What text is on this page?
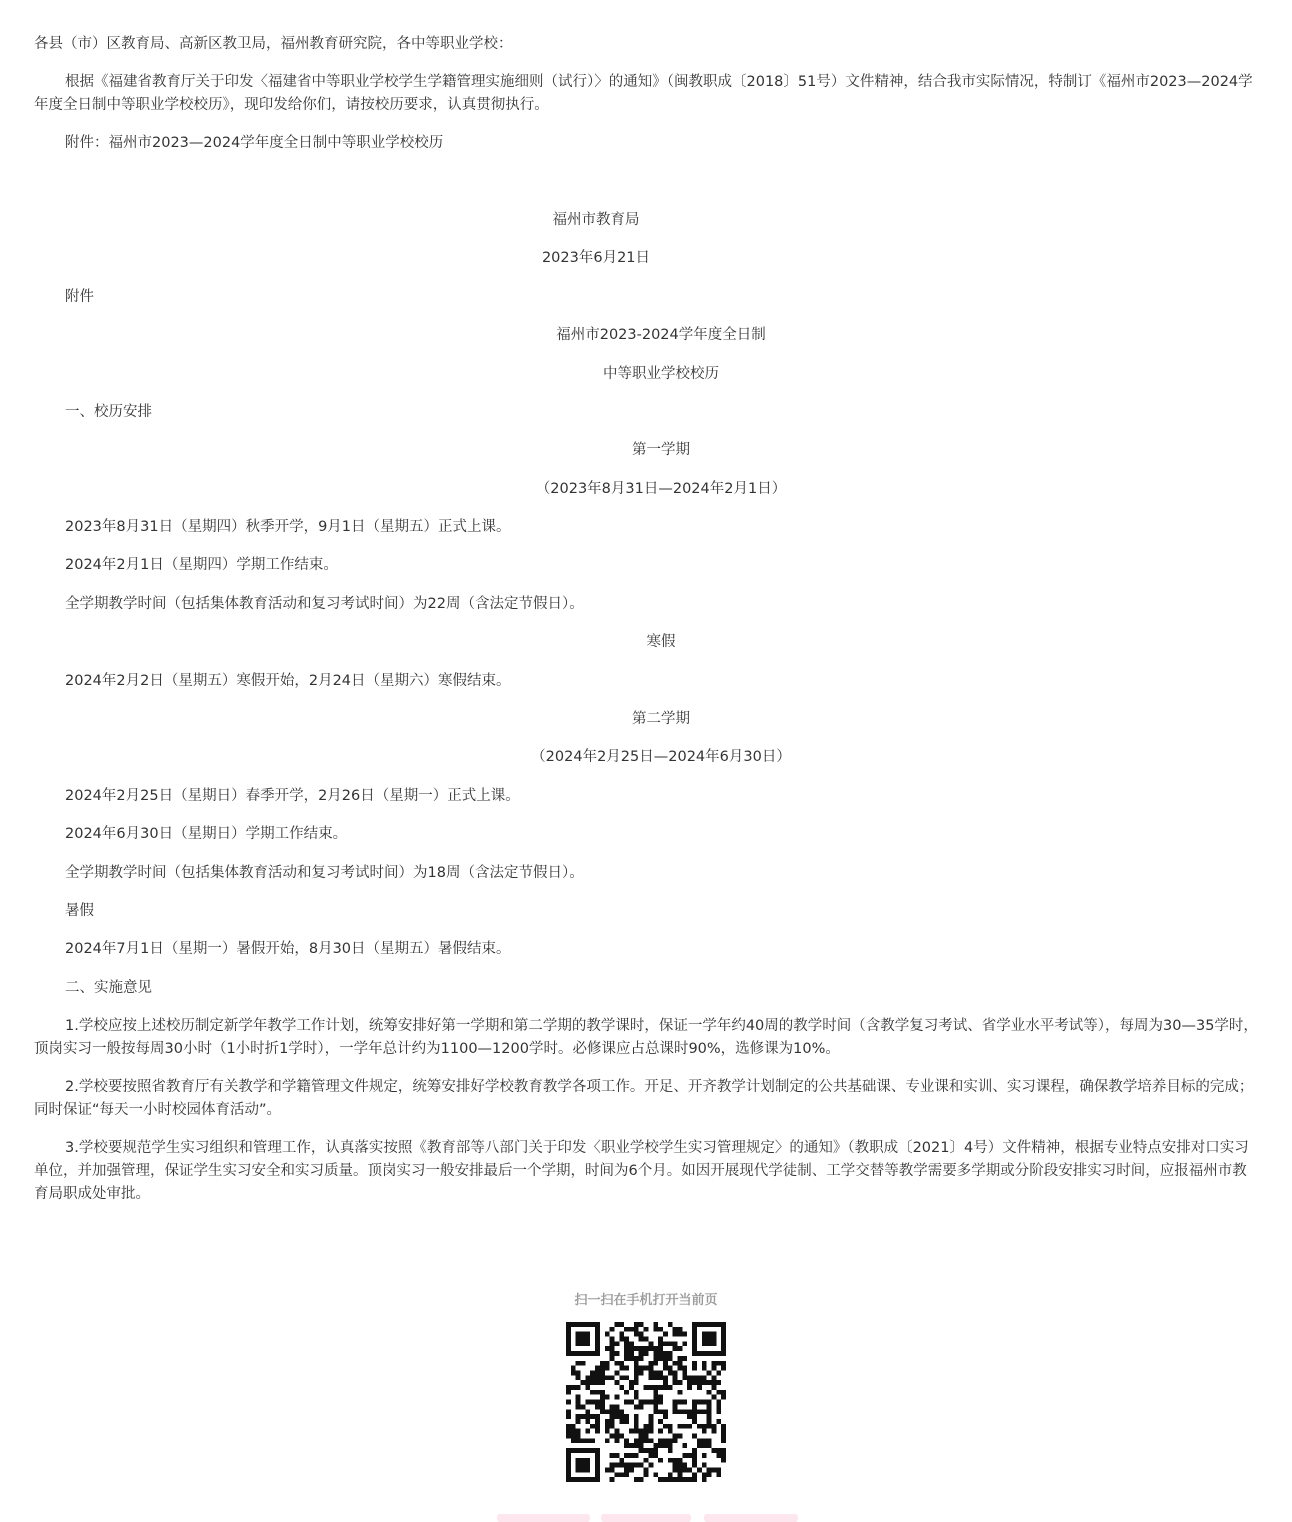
各县（市）区教育局、高新区教卫局，福州教育研究院，各中等职业学校：

根据《福建省教育厅关于印发〈福建省中等职业学校学生学籍管理实施细则（试行）〉的通知》（闽教职成〔2018〕51号）文件精神，结合我市实际情况，特制订《福州市2023—2024学年度全日制中等职业学校校历》，现印发给你们，请按校历要求，认真贯彻执行。

附件：福州市2023—2024学年度全日制中等职业学校校历

福州市教育局

2023年6月21日

附件

福州市2023-2024学年度全日制

中等职业学校校历

一、校历安排

第一学期

（2023年8月31日—2024年2月1日）

2023年8月31日（星期四）秋季开学，9月1日（星期五）正式上课。

2024年2月1日（星期四）学期工作结束。

全学期教学时间（包括集体教育活动和复习考试时间）为22周（含法定节假日）。

寒假

2024年2月2日（星期五）寒假开始，2月24日（星期六）寒假结束。

第二学期

（2024年2月25日—2024年6月30日）

2024年2月25日（星期日）春季开学，2月26日（星期一）正式上课。

2024年6月30日（星期日）学期工作结束。

全学期教学时间（包括集体教育活动和复习考试时间）为18周（含法定节假日）。

暑假

2024年7月1日（星期一）暑假开始，8月30日（星期五）暑假结束。

二、实施意见

1.学校应按上述校历制定新学年教学工作计划，统筹安排好第一学期和第二学期的教学课时，保证一学年约40周的教学时间（含教学复习考试、省学业水平考试等），每周为30—35学时，顶岗实习一般按每周30小时（1小时折1学时），一学年总计约为1100—1200学时。必修课应占总课时90%，选修课为10%。

2.学校要按照省教育厅有关教学和学籍管理文件规定，统筹安排好学校教育教学各项工作。开足、开齐教学计划制定的公共基础课、专业课和实训、实习课程，确保教学培养目标的完成；同时保证“每天一小时校园体育活动”。

3.学校要规范学生实习组织和管理工作，认真落实按照《教育部等八部门关于印发〈职业学校学生实习管理规定〉的通知》（教职成〔2021〕4号）文件精神，根据专业特点安排对口实习单位，并加强管理，保证学生实习安全和实习质量。顶岗实习一般安排最后一个学期，时间为6个月。如因开展现代学徒制、工学交替等教学需要多学期或分阶段安排实习时间，应报福州市教育局职成处审批。

扫一扫在手机打开当前页
